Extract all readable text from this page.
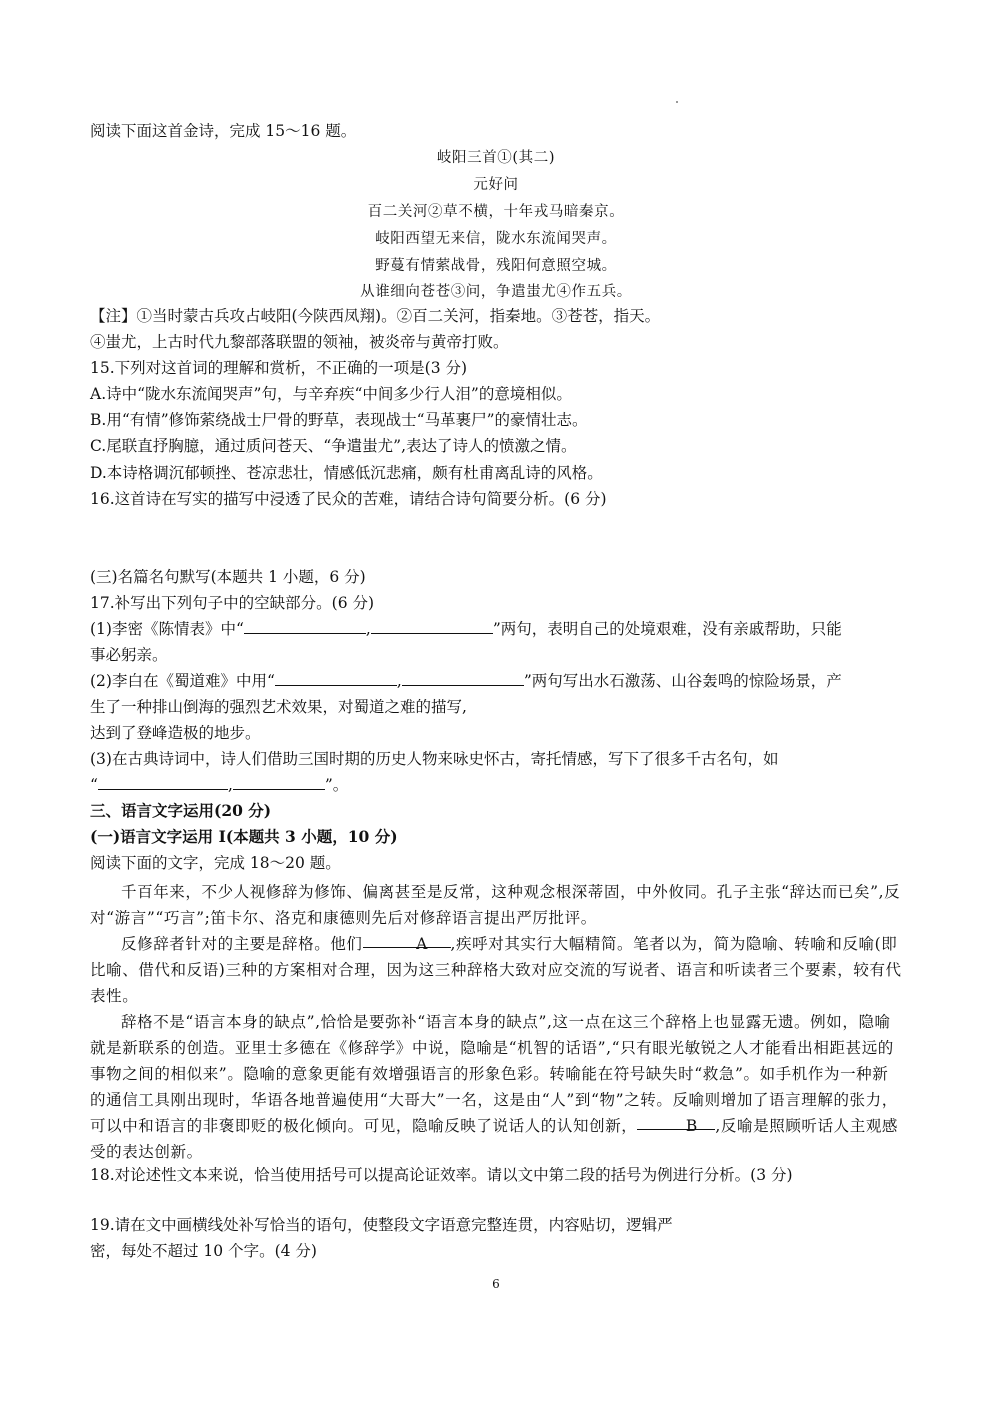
阅读下面这首金诗，完成 15～16 题。
岐阳三首①(其二)
元好问
百二关河②草不横，十年戎马暗秦京。
岐阳西望无来信，陇水东流闻哭声。
野蔓有情萦战骨，残阳何意照空城。
从谁细向苍苍③问，争遣蚩尤④作五兵。
【注】①当时蒙古兵攻占岐阳(今陕西凤翔)。②百二关河，指秦地。③苍苍，指天。
④蚩尤，上古时代九黎部落联盟的领袖，被炎帝与黄帝打败。
15.下列对这首词的理解和赏析，不正确的一项是(3 分)
A.诗中“陇水东流闻哭声”句，与辛弃疾“中间多少行人泪”的意境相似。
B.用“有情”修饰萦绕战士尸骨的野草，表现战士“马革裹尸”的豪情壮志。
C.尾联直抒胸臆，通过质问苍天、“争遣蚩尤”,表达了诗人的愤激之情。
D.本诗格调沉郁顿挫、苍凉悲壮，情感低沉悲痛，颇有杜甫离乱诗的风格。
16.这首诗在写实的描写中浸透了民众的苦难，请结合诗句简要分析。(6 分)
(三)名篇名句默写(本题共 1 小题，6 分)
17.补写出下列句子中的空缺部分。(6 分)
(1)李密《陈情表》中“	,	”两句，表明自己的处境艰难，没有亲戚帮助，只能
事必躬亲。
(2)李白在《蜀道难》中用“	,	”两句写出水石激荡、山谷轰鸣的惊险场景，产
生了一种排山倒海的强烈艺术效果，对蜀道之难的描写,
达到了登峰造极的地步。
(3)在古典诗词中，诗人们借助三国时期的历史人物来咏史怀古，寄托情感，写下了很多千古名句，如
“	,	”。
三、语言文字运用(20 分)
(一)语言文字运用 I(本题共 3 小题，10 分)
阅读下面的文字，完成 18～20 题。
千百年来，不少人视修辞为修饰、偏离甚至是反常，这种观念根深蒂固，中外攸同。孔子主张“辞达而已矣”,反对“游言”“巧言”;笛卡尔、洛克和康德则先后对修辞语言提出严厉批评。
反修辞者针对的主要是辞格。他们	A ,疾呼对其实行大幅精简。笔者以为，简为隐喻、转喻和反喻(即比喻、借代和反语)三种的方案相对合理，因为这三种辞格大致对应交流的写说者、语言和听读者三个要素，较有代表性。
辞格不是“语言本身的缺点”,恰恰是要弥补“语言本身的缺点”,这一点在这三个辞格上也显露无遗。例如，隐喻就是新联系的创造。亚里士多德在《修辞学》中说，隐喻是“机智的话语”,“只有眼光敏锐之人才能看出相距甚远的事物之间的相似来”。隐喻的意象更能有效增强语言的形象色彩。转喻能在符号缺失时“救急”。如手机作为一种新的通信工具刚出现时，华语各地普遍使用“大哥大”一名，这是由“人”到“物”之转。反喻则增加了语言理解的张力，可以中和语言的非褒即贬的极化倾向。可见，隐喻反映了说话人的认知创新，	B ,反喻是照顾听话人主观感受的表达创新。
18.对论述性文本来说，恰当使用括号可以提高论证效率。请以文中第二段的括号为例进行分析。(3 分)
19.请在文中画横线处补写恰当的语句，使整段文字语意完整连贯，内容贴切，逻辑严
密，每处不超过 10 个字。(4 分)
6
